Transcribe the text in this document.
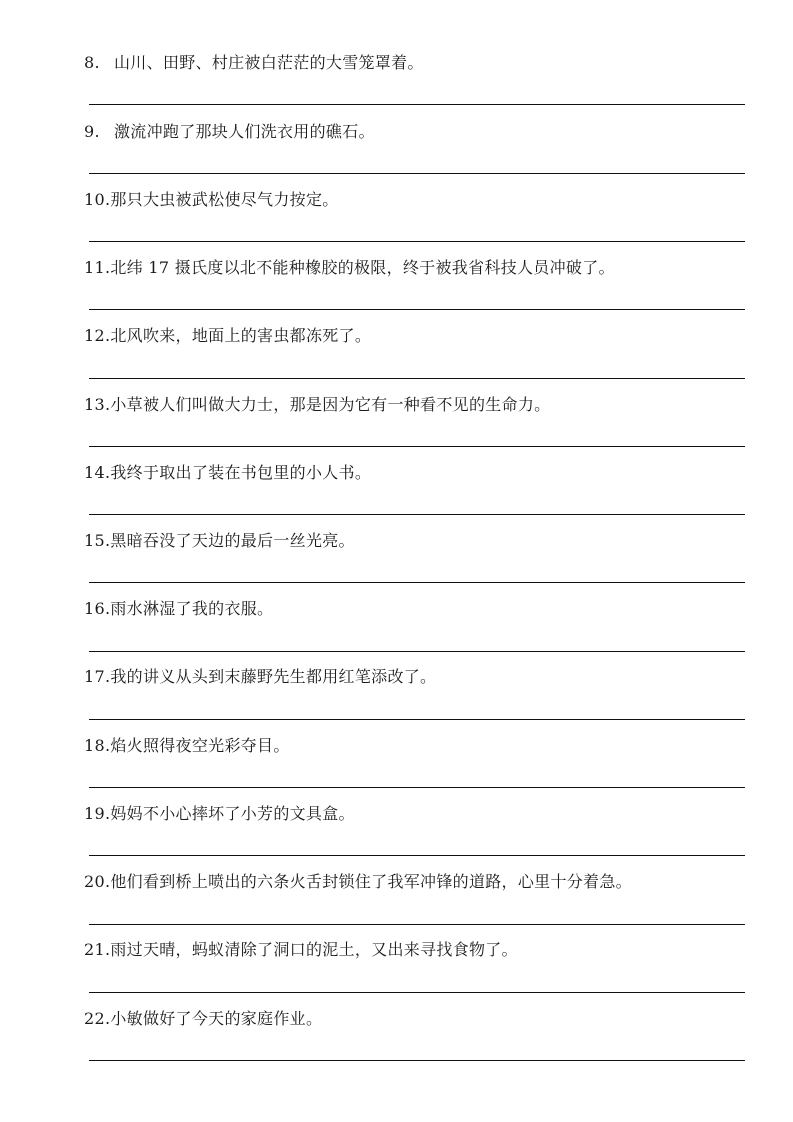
8. 山川、田野、村庄被白茫茫的大雪笼罩着。
9. 激流冲跑了那块人们洗衣用的礁石。
10.那只大虫被武松使尽气力按定。
11.北纬 17 摄氏度以北不能种橡胶的极限，终于被我省科技人员冲破了。
12.北风吹来，地面上的害虫都冻死了。
13.小草被人们叫做大力士，那是因为它有一种看不见的生命力。
14.我终于取出了装在书包里的小人书。
15.黑暗吞没了天边的最后一丝光亮。
16.雨水淋湿了我的衣服。
17.我的讲义从头到末藤野先生都用红笔添改了。
18.焰火照得夜空光彩夺目。
19.妈妈不小心摔坏了小芳的文具盒。
20.他们看到桥上喷出的六条火舌封锁住了我军冲锋的道路，心里十分着急。
21.雨过天晴，蚂蚁清除了洞口的泥土，又出来寻找食物了。
22.小敏做好了今天的家庭作业。
